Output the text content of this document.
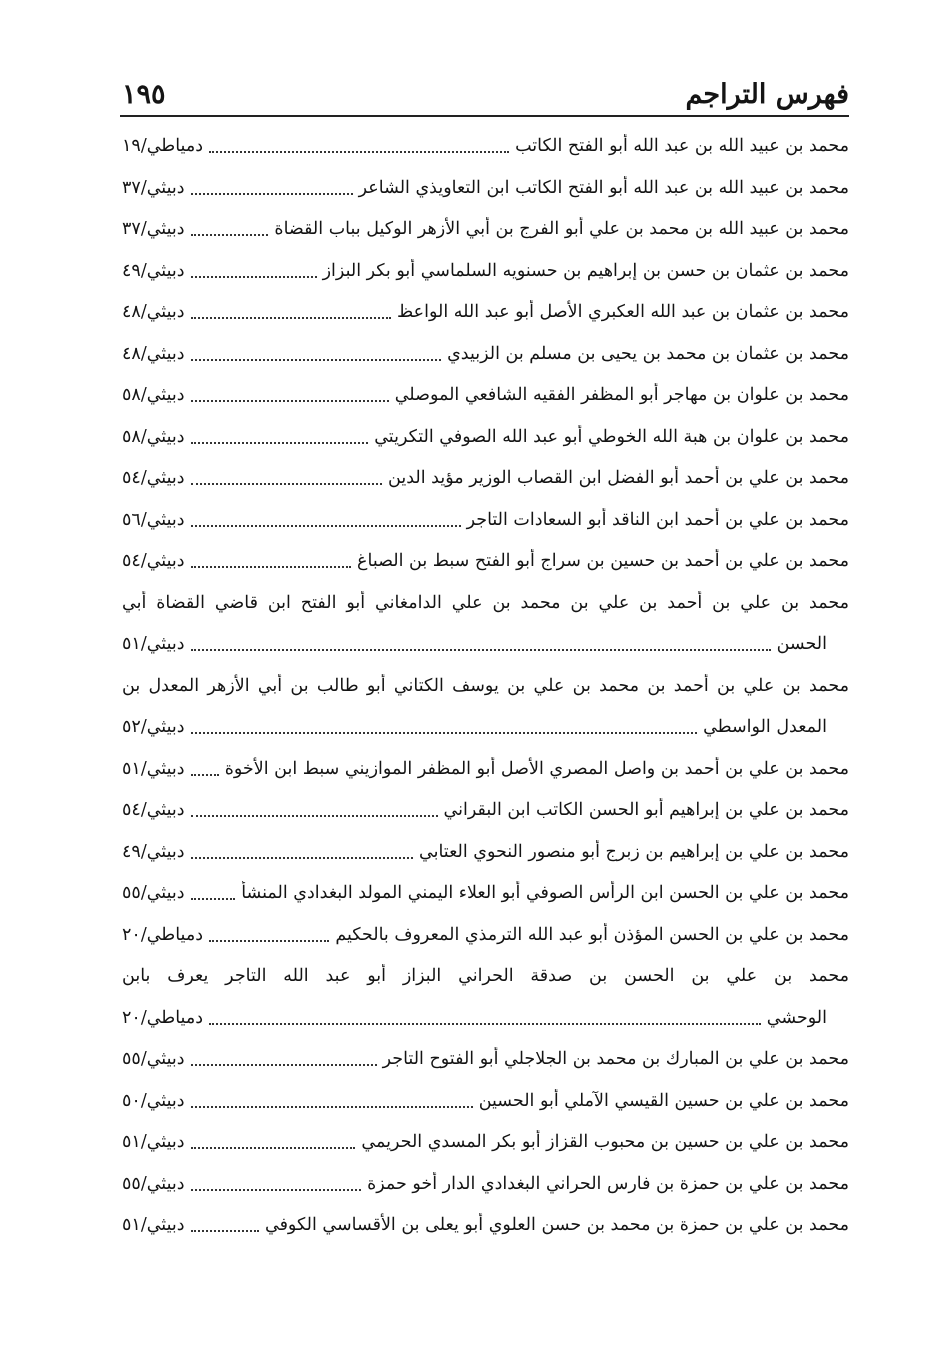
فهرس التراجم
١٩٥
محمد بن عبيد الله بن عبد الله أبو الفتح الكاتب
دمياطي/١٩
محمد بن عبيد الله بن عبد الله أبو الفتح الكاتب ابن التعاويذي الشاعر
دبيثي/٣٧
محمد بن عبيد الله بن محمد بن علي أبو الفرج بن أبي الأزهر الوكيل بباب القضاة
دبيثي/٣٧
محمد بن عثمان بن حسن بن إبراهيم بن حسنويه السلماسي أبو بكر البزاز
دبيثي/٤٩
محمد بن عثمان بن عبد الله العكبري الأصل أبو عبد الله الواعظ
دبيثي/٤٨
محمد بن عثمان بن محمد بن يحيى بن مسلم بن الزبيدي
دبيثي/٤٨
محمد بن علوان بن مهاجر أبو المظفر الفقيه الشافعي الموصلي
دبيثي/٥٨
محمد بن علوان بن هبة الله الخوطي أبو عبد الله الصوفي التكريتي
دبيثي/٥٨
محمد بن علي بن أحمد أبو الفضل ابن القصاب الوزير مؤيد الدين
دبيثي/٥٤
محمد بن علي بن أحمد ابن الناقد أبو السعادات التاجر
دبيثي/٥٦
محمد بن علي بن أحمد بن حسين بن سراج أبو الفتح سبط بن الصباغ
دبيثي/٥٤
محمد بن علي بن أحمد بن علي بن محمد بن علي الدامغاني أبو الفتح ابن قاضي القضاة أبي
الحسن
دبيثي/٥١
محمد بن علي بن أحمد بن محمد بن علي بن يوسف الكتاني أبو طالب بن أبي الأزهر المعدل بن
المعدل الواسطي
دبيثي/٥٢
محمد بن علي بن أحمد بن واصل المصري الأصل أبو المظفر الموازيني سبط ابن الأخوة
دبيثي/٥١
محمد بن علي بن إبراهيم أبو الحسن الكاتب ابن البقراني
دبيثي/٥٤
محمد بن علي بن إبراهيم بن زبرج أبو منصور النحوي العتابي
دبيثي/٤٩
محمد بن علي بن الحسن ابن الرأس الصوفي أبو العلاء اليمني المولد البغدادي المنشأ
دبيثي/٥٥
محمد بن علي بن الحسن المؤذن أبو عبد الله الترمذي المعروف بالحكيم
دمياطي/٢٠
محمد بن علي بن الحسن بن صدقة الحراني البزاز أبو عبد الله التاجر يعرف بابن
الوحشي
دمياطي/٢٠
محمد بن علي بن المبارك بن محمد بن الجلاجلي أبو الفتوح التاجر
دبيثي/٥٥
محمد بن علي بن حسين القيسي الآملي أبو الحسين
دبيثي/٥٠
محمد بن علي بن حسين بن محبوب القزاز أبو بكر المسدي الحريمي
دبيثي/٥١
محمد بن علي بن حمزة بن فارس الحراني البغدادي الدار أخو حمزة
دبيثي/٥٥
محمد بن علي بن حمزة بن محمد بن حسن العلوي أبو يعلى بن الأقساسي الكوفي
دبيثي/٥١
